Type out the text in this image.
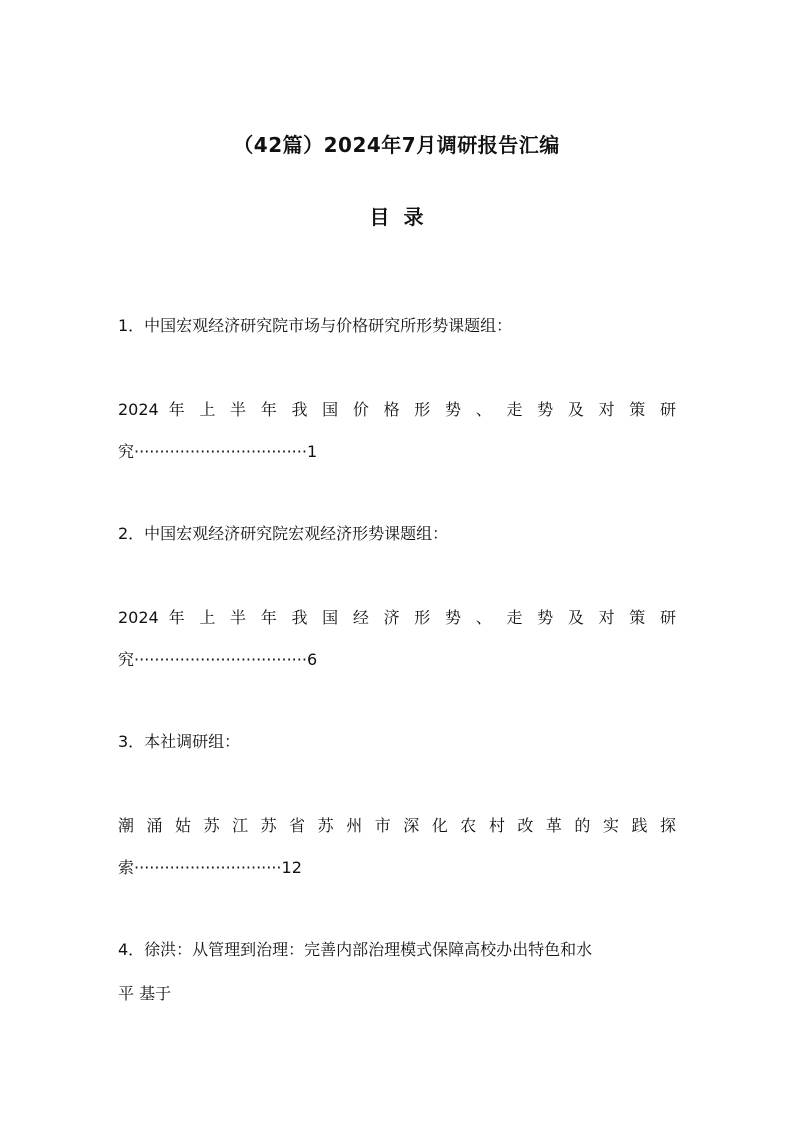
（42篇）2024年7月调研报告汇编
目录
1．中国宏观经济研究院市场与价格研究所形势课题组：
2024 年 上 半 年 我 国 价 格 形 势 、 走 势 及 对 策 研
究··································1
2．中国宏观经济研究院宏观经济形势课题组：
2024 年 上 半 年 我 国 经 济 形 势 、 走 势 及 对 策 研
究··································6
3．本社调研组：
潮 涌 姑 苏 江 苏 省 苏 州 市 深 化 农 村 改 革 的 实 践 探
索·····························12
4．徐洪：从管理到治理：完善内部治理模式保障高校办出特色和水
平 基于
